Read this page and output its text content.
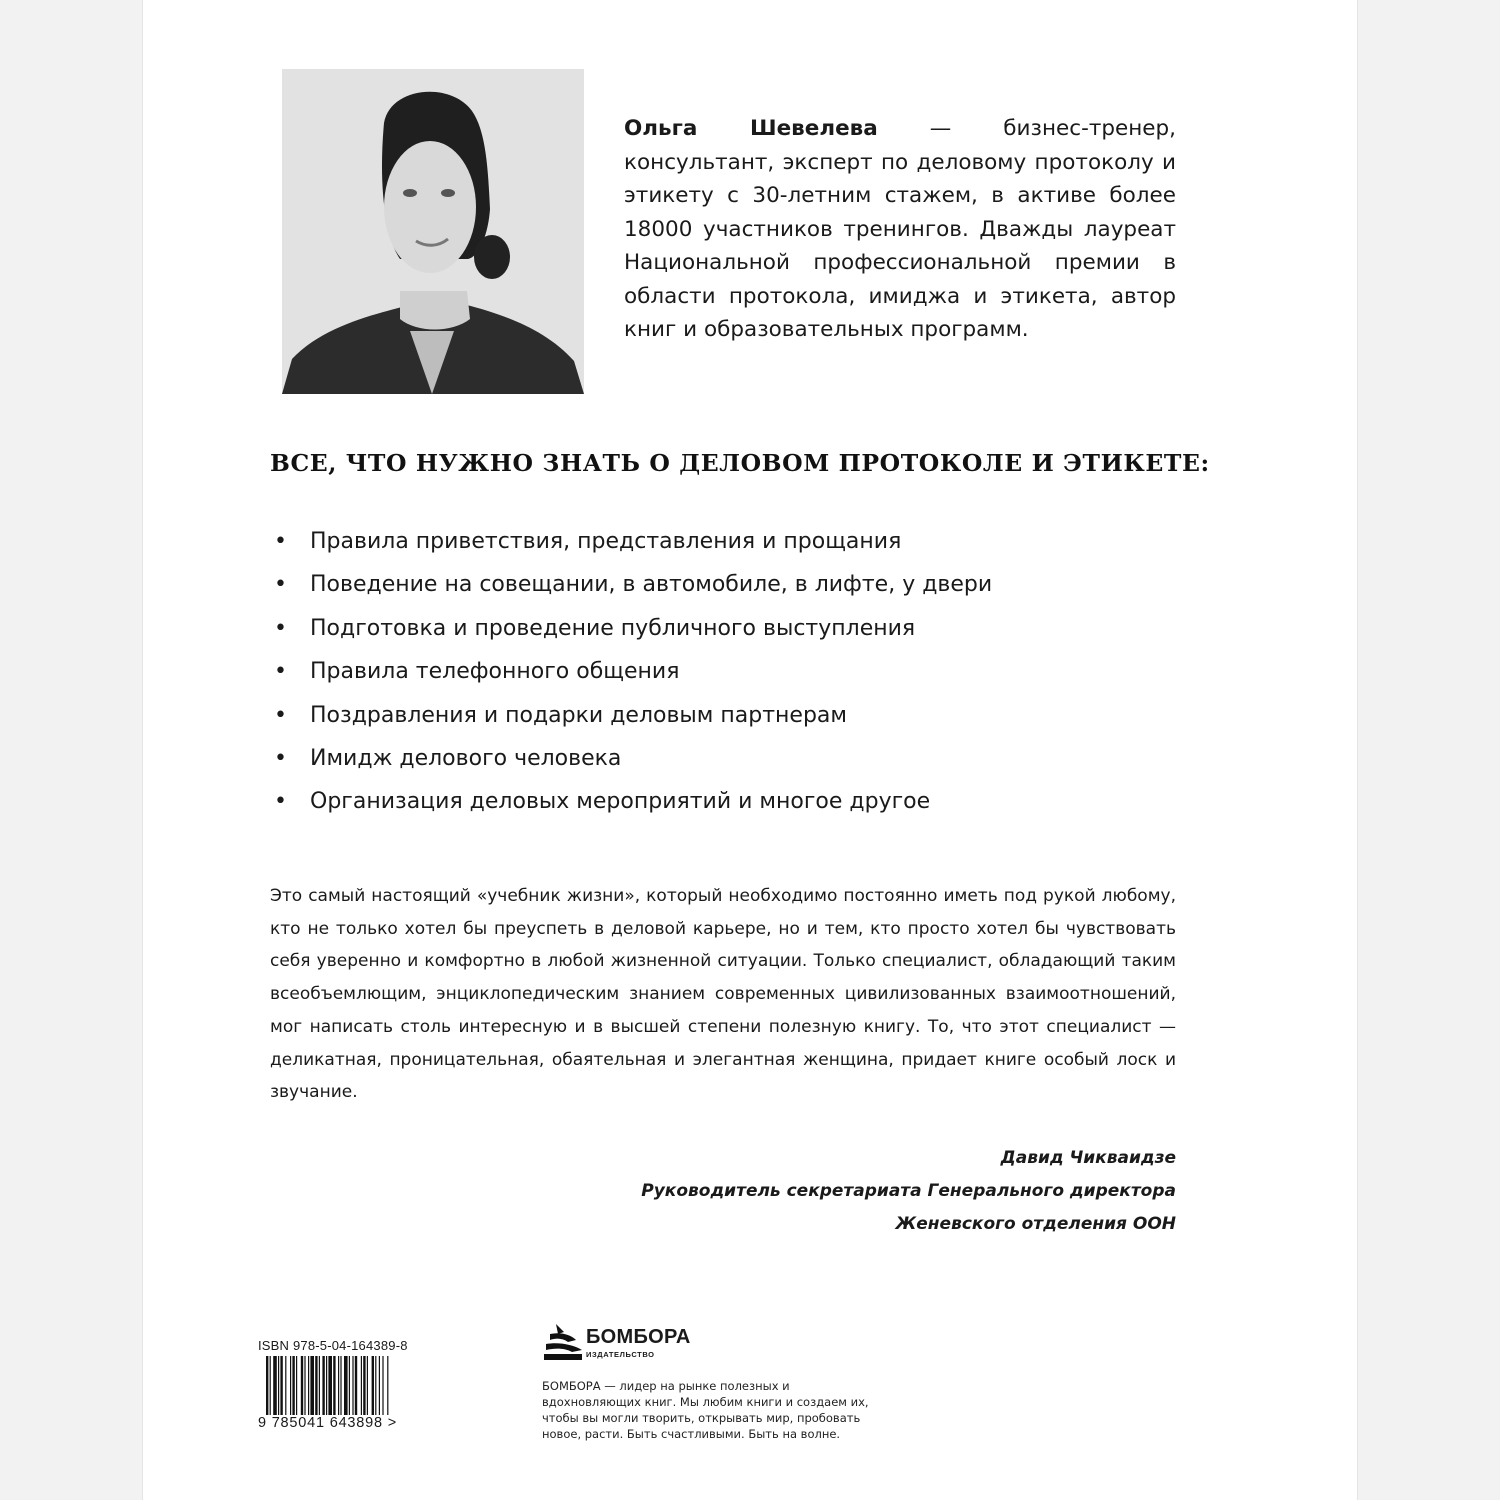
Ольга Шевелева — бизнес-тренер, консультант, эксперт по деловому протоколу и этикету с 30-летним стажем, в активе более 18000 участников тренингов. Дважды лауреат Национальной профессиональной премии в области протокола, имиджа и этикета, автор книг и образовательных программ.
ВСЕ, ЧТО НУЖНО ЗНАТЬ О ДЕЛОВОМ ПРОТОКОЛЕ И ЭТИКЕТЕ:
• Правила приветствия, представления и прощания
• Поведение на совещании, в автомобиле, в лифте, у двери
• Подготовка и проведение публичного выступления
• Правила телефонного общения
• Поздравления и подарки деловым партнерам
• Имидж делового человека
• Организация деловых мероприятий и многое другое
Это самый настоящий «учебник жизни», который необходимо постоянно иметь под рукой любому, кто не только хотел бы преуспеть в деловой карьере, но и тем, кто просто хотел бы чувствовать себя уверенно и комфортно в любой жизненной ситуации. Только специалист, обладающий таким всеобъемлющим, энциклопедическим знанием современных цивилизованных взаимоотношений, мог написать столь интересную и в высшей степени полезную книгу. То, что этот специалист — деликатная, проницательная, обаятельная и элегантная женщина, придает книге особый лоск и звучание.
Давид Чикваидзе
Руководитель секретариата Генерального директора
Женевского отделения ООН
ISBN 978-5-04-164389-8
9 785041 643898 >
БОМБОРА
ИЗДАТЕЛЬСТВО
БОМБОРА — лидер на рынке полезных и вдохновляющих книг. Мы любим книги и создаем их, чтобы вы могли творить, открывать мир, пробовать новое, расти. Быть счастливыми. Быть на волне.
